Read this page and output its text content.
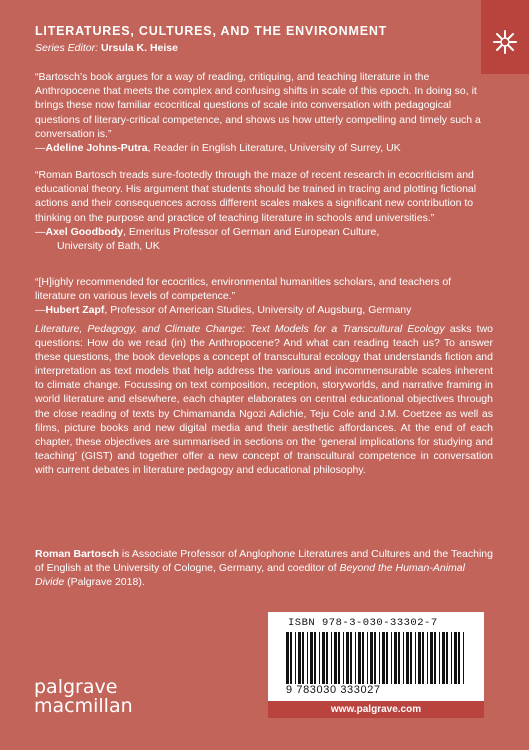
LITERATURES, CULTURES, AND THE ENVIRONMENT
Series Editor: Ursula K. Heise

“Bartosch’s book argues for a way of reading, critiquing, and teaching literature in the Anthropocene that meets the complex and confusing shifts in scale of this epoch. In doing so, it brings these now familiar ecocritical questions of scale into conversation with pedagogical questions of literary-critical competence, and shows us how utterly compelling and timely such a conversation is.”

—Adeline Johns-Putra, Reader in English Literature, University of Surrey, UK

“Roman Bartosch treads sure-footedly through the maze of recent research in ecocriticism and educational theory. His argument that students should be trained in tracing and plotting fictional actions and their consequences across different scales makes a significant new contribution to thinking on the purpose and practice of teaching literature in schools and universities.”

—Axel Goodbody, Emeritus Professor of German and European Culture,

University of Bath, UK

“[H]ighly recommended for ecocritics, environmental humanities scholars, and teachers of literature on various levels of competence.”

—Hubert Zapf, Professor of American Studies, University of Augsburg, Germany

Literature, Pedagogy, and Climate Change: Text Models for a Transcultural Ecology asks two questions: How do we read (in) the Anthropocene? And what can reading teach us? To answer these questions, the book develops a concept of transcultural ecology that understands fiction and interpretation as text models that help address the various and incommensurable scales inherent to climate change. Focussing on text composition, reception, storyworlds, and narrative framing in world literature and elsewhere, each chapter elaborates on central educational objectives through the close reading of texts by Chimamanda Ngozi Adichie, Teju Cole and J.M. Coetzee as well as films, picture books and new digital media and their aesthetic affordances. At the end of each chapter, these objectives are summarised in sections on the ‘general implications for studying and teaching’ (GIST) and together offer a new concept of transcultural competence in conversation with current debates in literature pedagogy and educational philosophy.
Roman Bartosch is Associate Professor of Anglophone Literatures and Cultures and the Teaching of English at the University of Cologne, Germany, and coeditor of Beyond the Human-Animal Divide (Palgrave 2018).
ISBN 978-3-030-33302-7
9 783030 333027
www.palgrave.com
palgrave
macmillan
